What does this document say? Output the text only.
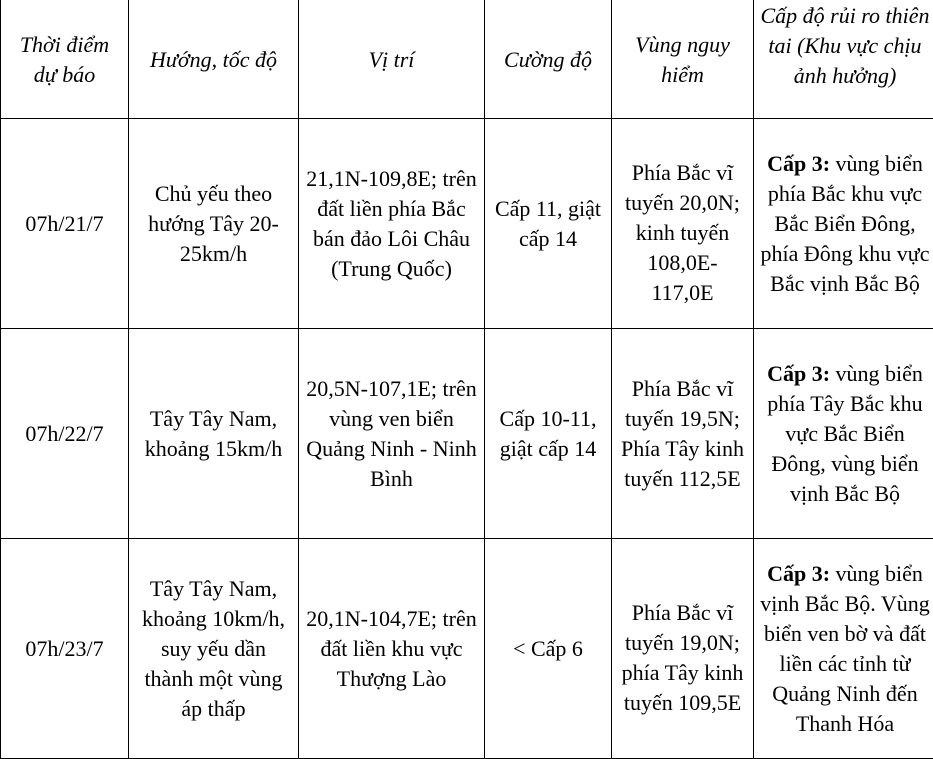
Thời điểm dự báo	Hướng, tốc độ	Vị trí	Cường độ	Vùng nguy hiểm	Cấp độ rủi ro thiên tai (Khu vực chịu ảnh hưởng)
07h/21/7	Chủ yếu theo hướng Tây 20-25km/h	21,1N-109,8E; trên đất liền phía Bắc bán đảo Lôi Châu (Trung Quốc)	Cấp 11, giật cấp 14	Phía Bắc vĩ tuyến 20,0N; kinh tuyến 108,0E-117,0E	Cấp 3: vùng biển phía Bắc khu vực Bắc Biển Đông, phía Đông khu vực Bắc vịnh Bắc Bộ
07h/22/7	Tây Tây Nam, khoảng 15km/h	20,5N-107,1E; trên vùng ven biển Quảng Ninh - Ninh Bình	Cấp 10-11, giật cấp 14	Phía Bắc vĩ tuyến 19,5N; Phía Tây kinh tuyến 112,5E	Cấp 3: vùng biển phía Tây Bắc khu vực Bắc Biển Đông, vùng biển vịnh Bắc Bộ
07h/23/7	Tây Tây Nam, khoảng 10km/h, suy yếu dần thành một vùng áp thấp	20,1N-104,7E; trên đất liền khu vực Thượng Lào	< Cấp 6	Phía Bắc vĩ tuyến 19,0N; phía Tây kinh tuyến 109,5E	Cấp 3: vùng biển vịnh Bắc Bộ. Vùng biển ven bờ và đất liền các tỉnh từ Quảng Ninh đến Thanh Hóa
